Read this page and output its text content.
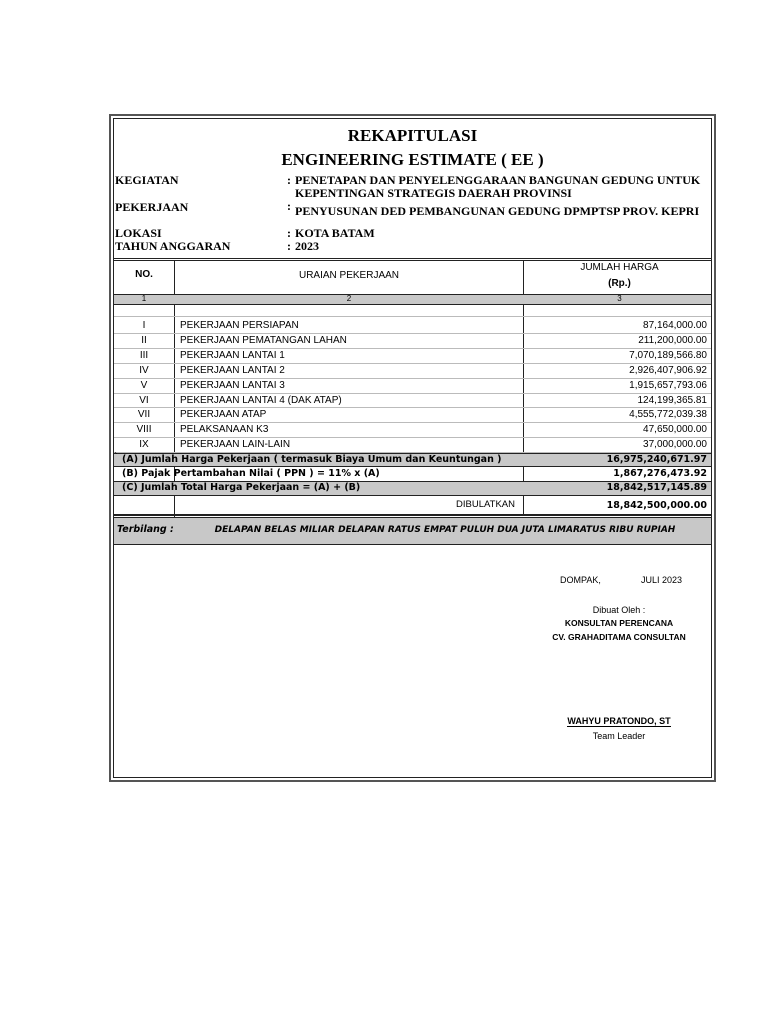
REKAPITULASI
ENGINEERING ESTIMATE ( EE )
KEGIATAN	: PENETAPAN DAN PENYELENGGARAAN BANGUNAN GEDUNG UNTUK
KEPENTINGAN STRATEGIS DAERAH PROVINSI
PEKERJAAN	: PENYUSUNAN DED PEMBANGUNAN GEDUNG DPMPTSP PROV. KEPRI
LOKASI	: KOTA BATAM
TAHUN ANGGARAN	: 2023
NO.	URAIAN PEKERJAAN
JUMLAH HARGA
(Rp.)
1	2	3
I	PEKERJAAN PERSIAPAN	87,164,000.00
II	PEKERJAAN PEMATANGAN LAHAN	211,200,000.00
III	PEKERJAAN LANTAI 1	7,070,189,566.80
IV	PEKERJAAN LANTAI 2	2,926,407,906.92
V	PEKERJAAN LANTAI 3	1,915,657,793.06
VI	PEKERJAAN LANTAI 4 (DAK ATAP)	124,199,365.81
VII	PEKERJAAN ATAP	4,555,772,039.38
VIII	PELAKSANAAN K3	47,650,000.00
IX	PEKERJAAN LAIN-LAIN	37,000,000.00
` (A) Jumlah Harga Pekerjaan ( termasuk Biaya Umum dan Keuntungan )	16,975,240,671.97
(B) Pajak Pertambahan Nilai ( PPN ) = 11% x (A)	1,867,276,473.92
(C) Jumlah Total Harga Pekerjaan = (A) + (B)	18,842,517,145.89
DIBULATKAN	18,842,500,000.00
Terbilang :	DELAPAN BELAS MILIAR DELAPAN RATUS EMPAT PULUH DUA JUTA LIMARATUS RIBU RUPIAH
DOMPAK,	JULI 2023
Dibuat Oleh :
KONSULTAN PERENCANA
CV. GRAHADITAMA CONSULTAN
WAHYU PRATONDO, ST
Team Leader
